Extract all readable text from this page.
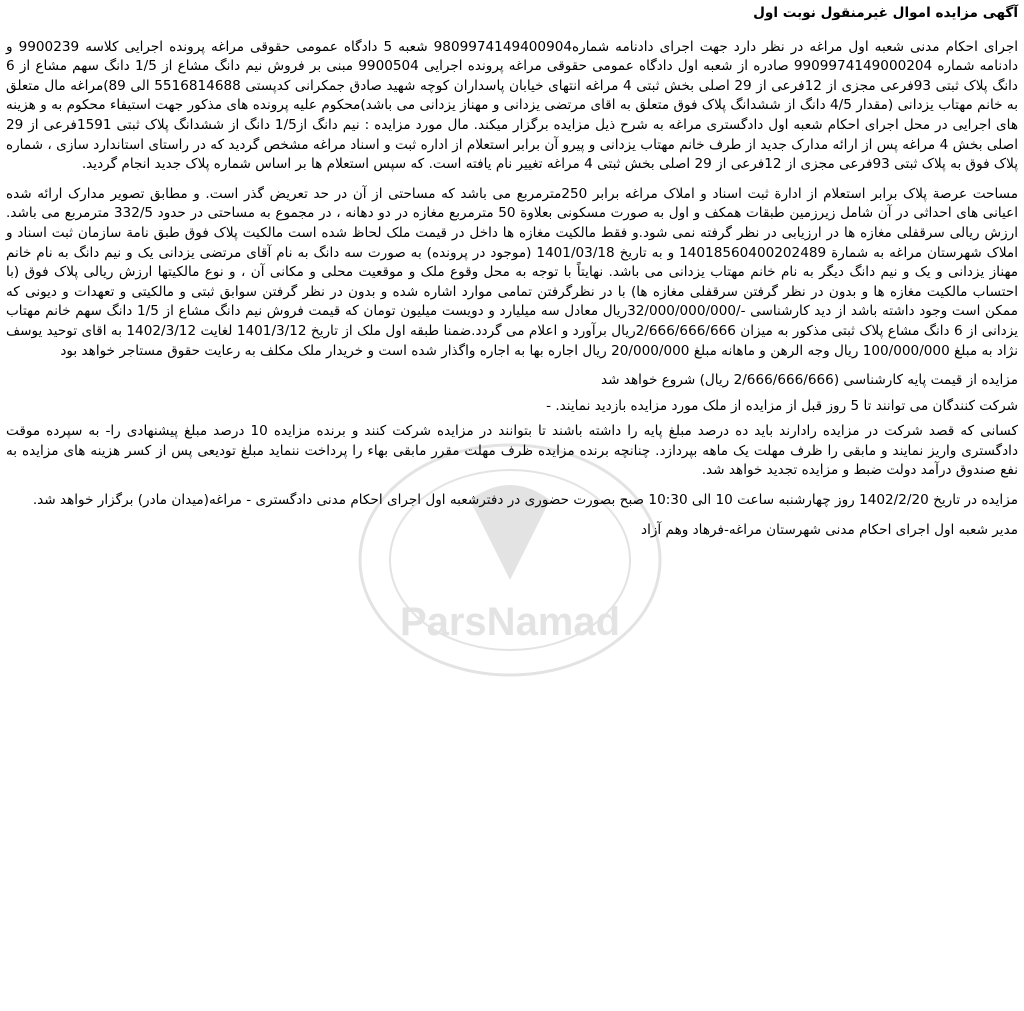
آگهی مزایده اموال غیرمنقول نوبت اول
اجرای احکام مدنی شعبه اول مراغه در نظر دارد جهت اجرای دادنامه شماره9809974149400904 شعبه 5 دادگاه عمومی حقوقی مراغه پرونده اجرایی کلاسه 9900239 و دادنامه شماره 9909974149000204 صادره از شعبه اول دادگاه عمومی حقوقی مراغه پرونده اجرایی 9900504 مبنی بر فروش نیم دانگ مشاع از 1/5 دانگ سهم مشاع از 6 دانگ پلاک ثبتی 93فرعی مجزی از 12فرعی از 29 اصلی بخش ثبتی 4 مراغه انتهای خیابان پاسداران کوچه شهید صادق جمکرانی کدپستی 5516814688 الی 89)مراغه مال متعلق به خانم مهتاب یزدانی (مقدار 4/5 دانگ از ششدانگ پلاک فوق متعلق به اقای مرتضی یزدانی و مهناز یزدانی می باشد)محکوم علیه پرونده های مذکور جهت استیفاء محکوم به و هزینه های اجرایی در محل اجرای احکام شعبه اول دادگستری مراغه به شرح ذیل مزایده برگزار میکند. مال مورد مزایده : نیم دانگ از1/5 دانگ از ششدانگ پلاک ثبتی 1591فرعی از 29 اصلی بخش 4 مراغه پس از ارائه مدارک جدید از طرف خانم مهتاب یزدانی و پیرو آن برابر استعلام از اداره ثبت و اسناد مراغه مشخص گردید که در راستای استاندارد سازی ، شماره پلاک فوق به پلاک ثبتی 93فرعی مجزی از 12فرعی از 29 اصلی بخش ثبتی 4 مراغه تغییر نام یافته است. که سپس استعلام ها بر اساس شماره پلاک جدید انجام گردید.
مساحت عرصة پلاک برابر استعلام از ادارة ثبت اسناد و املاک مراغه برابر 250مترمربع می باشد که مساحتی از آن در حد تعریض گذر است. و مطابق تصویر مدارک ارائه شده اعیانی های احداثی در آن شامل زیرزمین طبقات همکف و اول به صورت مسکونی بعلاوة 50 مترمربع مغازه در دو دهانه ، در مجموع به مساحتی در حدود 332/5 مترمربع می باشد. ارزش ریالی سرقفلی مغازه ها در ارزیابی در نظر گرفته نمی شود.و فقط مالکیت مغازه ها داخل در قیمت ملک لحاظ شده است مالکیت پلاک فوق طبق نامة سازمان ثبت اسناد و املاک شهرستان مراغه به شمارة 14018560400202489 و به تاریخ 1401/03/18 (موجود در پرونده) به صورت سه دانگ به نام آقای مرتضی یزدانی یک و نیم دانگ به نام خانم مهناز یزدانی و یک و نیم دانگ دیگر به نام خانم مهتاب یزدانی می باشد. نهایتاً با توجه به محل وقوع ملک و موقعیت محلی و مکانی آن ، و نوع مالکیتها ارزش ریالی پلاک فوق (با احتساب مالکیت مغازه ها و بدون در نظر گرفتن سرقفلی مغازه ها) با در نظرگرفتن تمامی موارد اشاره شده و بدون در نظر گرفتن سوابق ثبتی و مالکیتی و تعهدات و دیونی که ممکن است وجود داشته باشد از دید کارشناسی -/32/000/000/000ریال معادل سه میلیارد و دویست میلیون تومان که قیمت فروش نیم دانگ مشاع از 1/5 دانگ سهم خانم مهتاب یزدانی از 6 دانگ مشاع پلاک ثبتی مذکور به میزان 2/666/666/666ریال برآورد و اعلام می گردد.ضمنا طبقه اول ملک از تاریخ 1401/3/12 لغایت 1402/3/12 به اقای توحید یوسف نژاد به مبلغ 100/000/000 ریال وجه الرهن و ماهانه مبلغ 20/000/000 ریال اجاره بها به اجاره واگذار شده است و خریدار ملک مکلف به رعایت حقوق مستاجر خواهد بود
مزایده از قیمت پایه کارشناسی (2/666/666/666 ریال) شروع خواهد شد
شرکت کنندگان می توانند تا 5 روز قبل از مزایده از ملک مورد مزایده بازدید نمایند. -
کسانی که قصد شرکت در مزایده رادارند باید ده درصد مبلغ پایه را داشته باشند تا بتوانند در مزایده شرکت کنند و برنده مزایده 10 درصد مبلغ پیشنهادی را- به سپرده موقت دادگستری واریز نمایند و مابقی را ظرف مهلت یک ماهه بپردازد. چنانچه برنده مزایده ظرف مهلت مقرر مابقی بهاء را پرداخت ننماید مبلغ تودیعی پس از کسر هزینه های مزایده به نفع صندوق درآمد دولت ضبط و مزایده تجدید خواهد شد.
مزایده در تاریخ 1402/2/20 روز چهارشنبه ساعت 10 الی 10:30 صبح بصورت حضوری در دفترشعبه اول اجرای احکام مدنی دادگستری - مراغه(میدان مادر) برگزار خواهد شد.
مدیر شعبه اول اجرای احکام مدنی شهرستان مراغه-فرهاد وهم آزاد
ParsNamad
